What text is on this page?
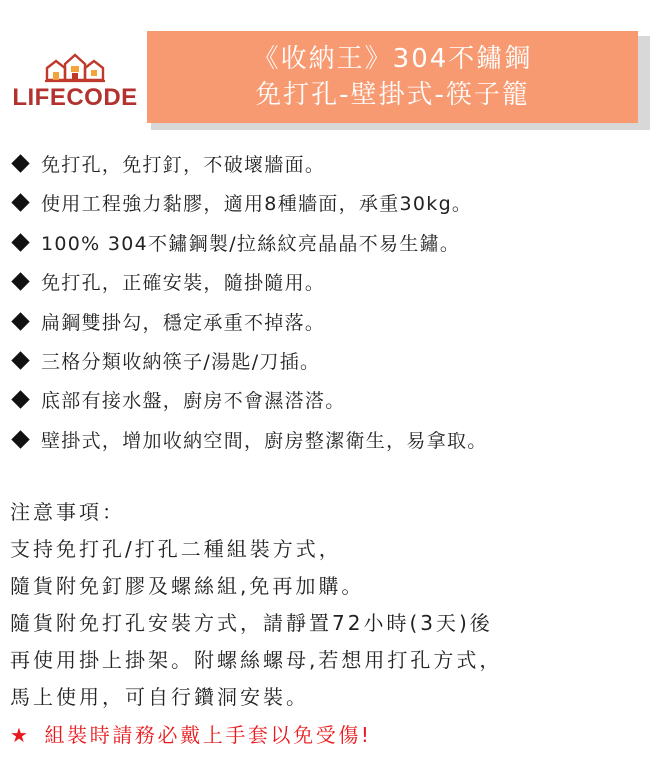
LIFECODE
《收納王》304不鏽鋼
免打孔-壁掛式-筷子籠
免打孔，免打釘，不破壞牆面。
使用工程強力黏膠，適用8種牆面，承重30kg。
100% 304不鏽鋼製/拉絲紋亮晶晶不易生鏽。
免打孔，正確安裝，隨掛隨用。
扁鋼雙掛勾，穩定承重不掉落。
三格分類收納筷子/湯匙/刀插。
底部有接水盤，廚房不會濕溚溚。
壁掛式，增加收納空間，廚房整潔衛生，易拿取。
注意事項：
支持免打孔/打孔二種組裝方式，
隨貨附免釘膠及螺絲組,免再加購。
隨貨附免打孔安裝方式，請靜置72小時(3天)後
再使用掛上掛架。附螺絲螺母,若想用打孔方式，
馬上使用，可自行鑽洞安裝。
★ 組裝時請務必戴上手套以免受傷!
